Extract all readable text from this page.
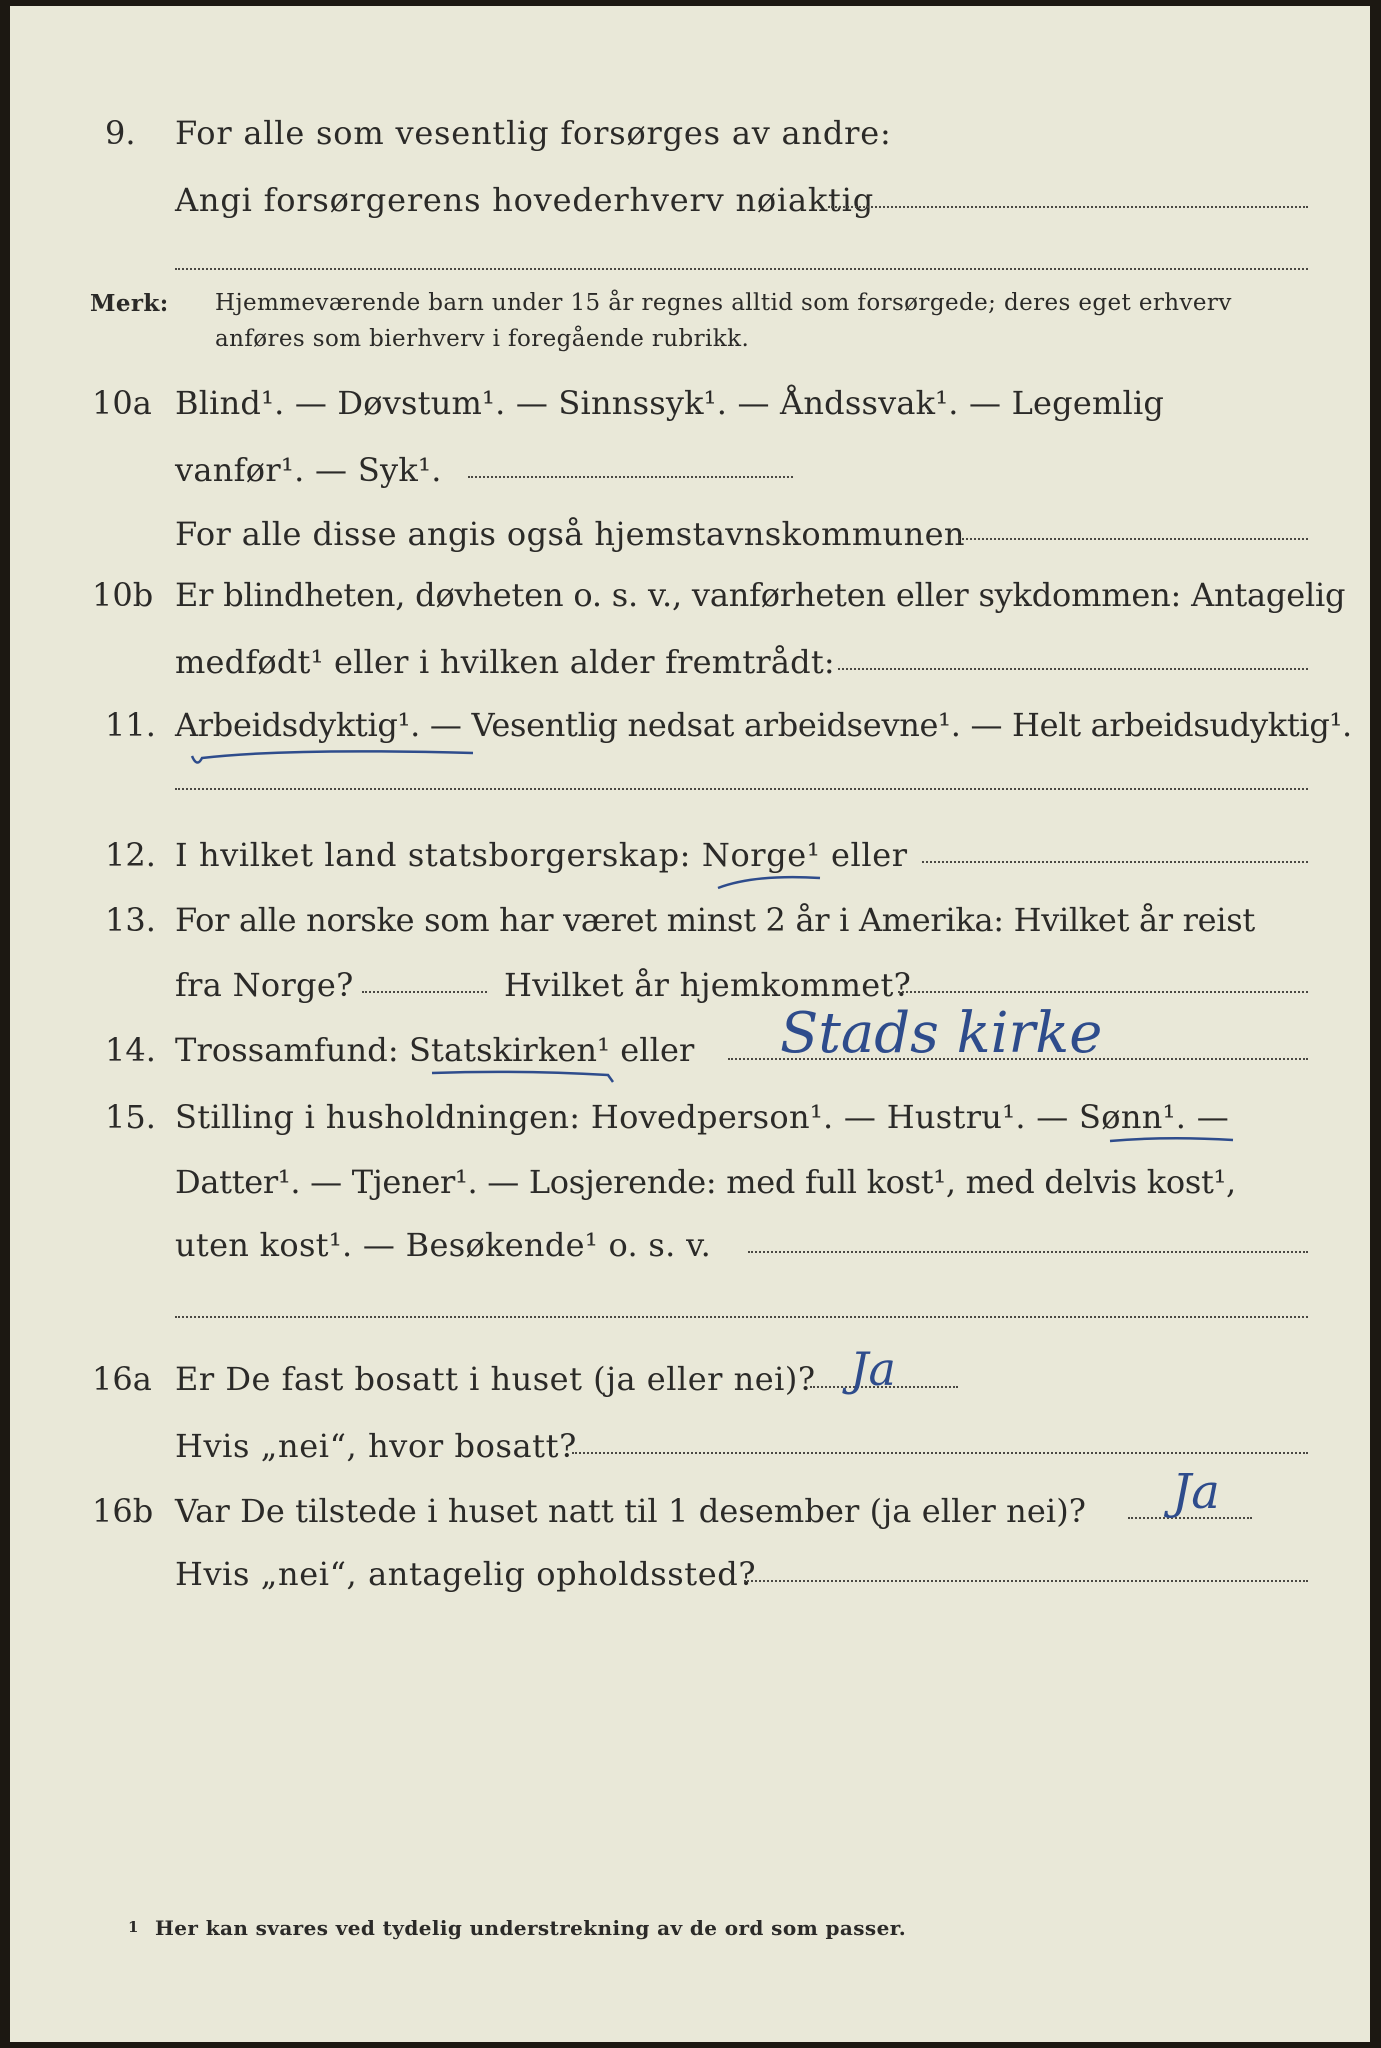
9. For alle som vesentlig forsørges av andre:
Angi forsørgerens hovederhverv nøiaktig
Merk: Hjemmeværende barn under 15 år regnes alltid som forsørgede; deres eget erhverv
anføres som bierhverv i foregående rubrikk.
10a Blind¹. — Døvstum¹. — Sinnssyk¹. — Åndssvak¹. — Legemlig
vanfør¹. — Syk¹.
For alle disse angis også hjemstavnskommunen
10b Er blindheten, døvheten o. s. v., vanførheten eller sykdommen: Antagelig
medfødt¹ eller i hvilken alder fremtrådt:
11. Arbeidsdyktig¹. — Vesentlig nedsat arbeidsevne¹. — Helt arbeidsudyktig¹.
12. I hvilket land statsborgerskap: Norge¹ eller
13. For alle norske som har været minst 2 år i Amerika: Hvilket år reist
fra Norge?	Hvilket år hjemkommet?
14. Trossamfund: Statskirken¹ eller Stads kirke
15. Stilling i husholdningen: Hovedperson¹. — Hustru¹. — Sønn¹. —
Datter¹. — Tjener¹. — Losjerende: med full kost¹, med delvis kost¹,
uten kost¹. — Besøkende¹ o. s. v.
16a Er De fast bosatt i huset (ja eller nei)? Ja
Hvis „nei“, hvor bosatt?
16b Var De tilstede i huset natt til 1 desember (ja eller nei)? Ja
Hvis „nei“, antagelig opholdssted?
1 Her kan svares ved tydelig understrekning av de ord som passer.
